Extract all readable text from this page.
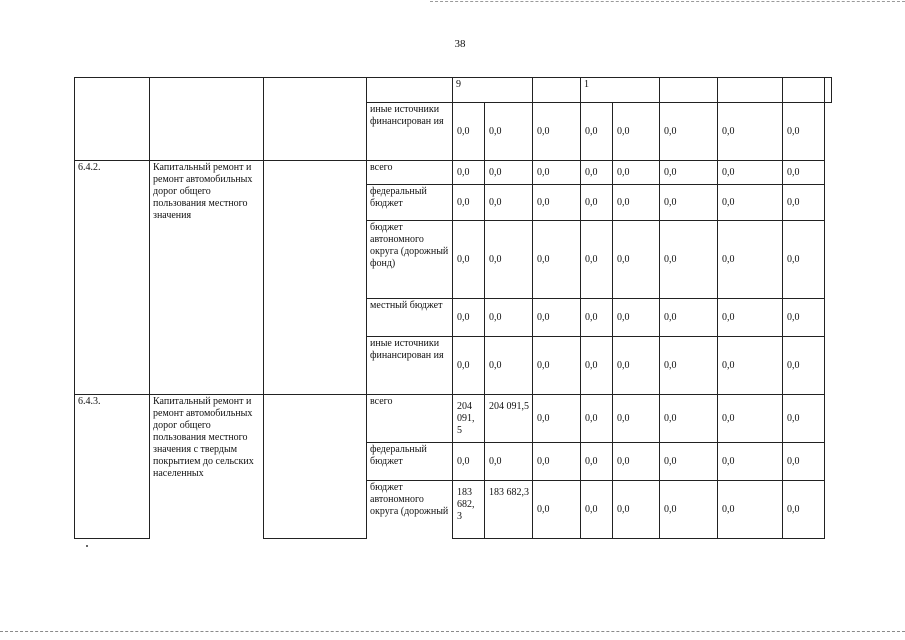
38
				9			1					
			иные источники финансирован ия	0,0	0,0	0,0	0,0	0,0	0,0	0,0	0,0	
6.4.2.	Капитальный ремонт и ремонт автомобильных дорог общего пользования местного значения		всего	0,0	0,0	0,0	0,0	0,0	0,0	0,0	0,0	
			федеральный бюджет	0,0	0,0	0,0	0,0	0,0	0,0	0,0	0,0	
			бюджет автономного округа (дорожный фонд)	0,0	0,0	0,0	0,0	0,0	0,0	0,0	0,0	
			местный бюджет	0,0	0,0	0,0	0,0	0,0	0,0	0,0	0,0	
			иные источники финансирован ия	0,0	0,0	0,0	0,0	0,0	0,0	0,0	0,0	
6.4.3.	Капитальный ремонт и ремонт автомобильных дорог общего пользования местного значения с твердым покрытием до сельских населенных		всего	204 091, 5	204 091,5	0,0	0,0	0,0	0,0	0,0	0,0	
			федеральный бюджет	0,0	0,0	0,0	0,0	0,0	0,0	0,0	0,0	
			бюджет автономного округа (дорожный	183 682, 3	183 682,3	0,0	0,0	0,0	0,0	0,0	0,0	
